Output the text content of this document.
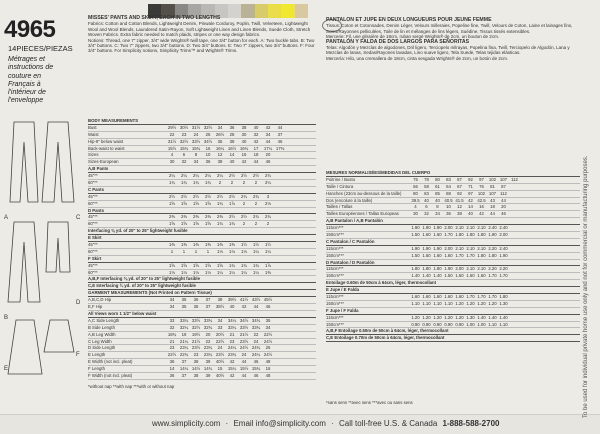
4965
14PIECES/PIEZAS
Métrages et instructions de couture en Français à l'intérieur de l'enveloppe
A
B
C
D
E
F
MISSES' PANTS AND SKIRT, EACH IN TWO LENGTHS
Fabrics: Cotton and Cotton Blends, Lightweight Denim, Pinwale Corduroy, Poplin, Twill, Velveteen, Lightweight Wool and Wool Blends, Laundered Satin-Rayon, Soft Lightweight Linen and Linen Blends, Suede Cloth, Stretch Woven Fabrics. Extra fabric needed to match plaids, stripes or one way design fabrics.
Notions: Thread, one 7" zipper, 3/4" wide Wrights® twill tape, one 3/4" button for each. A: Two buckle tabs. B: Two 3/4" buttons. C: Two 7" zippers, two 3/4" buttons. D: Two 3/4" buttons. E: Two 7" zippers, two 3/4" buttons. F: Four 3/4" buttons. For Simplicity notions, Simplicity Trims™ and Wrights® Trims.
BODY MEASUREMENTS
Bust	29½ 30½ 31½ 32½	34	36	38	40	42	44
Waist	22	23	24	25	26½	28	30	32	34	37
Hip-9" below waist	31½ 32½ 33½ 34½	36	38	40	42	44	46
Back-waist to waist	15½ 15¾ 15¾	16	16¼ 16½ 16¾	17	17¼ 17⅜
Sizes	4	6	8	10	12	14	16	18	20
Sizes-European	30	32	34	36	38	40	42	44	46
A,B Pants
45"**	2¼	2¼	2¼	2¼	2¼	2½	2½	2½	2¾
60"**	1¾	1¾	1¾	1¾	2	2	2	2	2¼
C Pants
45"**	2½	2½	2½	2½	2½	2½	2¾	2¾	3
60"**	1⅝	1⅝	1⅝	1⅝	1¾	1⅞	2	2	2⅛
D Pants
45"**	2⅜	2⅜	2⅜	2⅜	2⅜	2½	2½	2¾	2¾
60"**	1⅝	1⅝	1⅝	1⅝	1¾	1¾	2	2	2
Interfacing ⅜ yd. of 20" to 25" lightweight fusible
E Skirt
45"**	1⅜	1⅜	1⅜	1⅜	1⅜	1⅜	1½	1½	1½
60"**	1	1	1	1	1⅛	1⅛	1⅛	1¼	1¼
F Skirt
45"**	1⅝	1⅝	1⅝	1⅝	1⅝	1¾	1¾	1¾	1⅞
60"**	1⅛	1⅛	1⅛	1⅛	1¼	1¼	1¼	1¼	1⅜
A,B,F Interfacing ⅜ yd. of 20" to 25" lightweight fusible
C,E Interfacing ¾ yd. of 20" to 25" lightweight fusible
GARMENT MEASUREMENTS (Not Printed on Pattern Tissue)
A,B,C,D Hip	34	35	36	37	38	39½ 41½ 43½ 45½
E,F Hip	34	35	36	37	38½	40	42	44	46
All Views worn 1 1/2" below waist
A,C Side Length	33	33¼ 33½ 33¾	34	34¼ 34½ 34¾	35
B Side Length	32	32¼ 32½ 32¾	33	33¼ 33½ 33¾	34
A,B Leg Width	18¾	19	19½	20	20½	21	21½	22	22½
C Leg Width	21	21¼ 21½	22	22½	23	23½	24	24½
D Side Length	23	23¼ 23½ 23¾	24	24¼ 24½ 24¾	25
E Length	22½ 22¾	23	23¼ 23½ 23¾	24	24¼ 24½
E Width (not incl. pleat)	36	37	38	39	40½	42	44	46	48
F Length	14	14¼ 14½ 14¾	15	15¼ 15½ 15¾	16
F Width (not incl. pleat)	36	37	38	39	40½	42	44	46	48
*without nap **with nap ***with or without nap
PANTALON ET JUPE EN DEUX LONGUEURS POUR JEUNE FEMME
Tissus: Coton et Cotonnades, Denim Léger, Velours milleraies, Popeline fine, Twill, Velours de Coton, Laine et lainages fins, Soies/Rayonnes pelliculées, Toile de lin et mélanges de lins légers, Suédine, Tissus tissés extensibles.
Mercerie: Fil, une glissière de 18cm, ruban sergé Wrights® de 2cm, un bouton de 2cm.
PANTALÓN Y FALDA DE DOS LARGOS PARA SEÑORITAS
Telas: Algodón y Mezclas de algodones, Dril ligero, Terciopelo milrayas, Popelina fina, Twill, Terciopelo de Algodón, Lana y Mezclas de lanas, Sedas/Rayones lavadas, Lino suave ligero, Tela Suede, Telas tejidas elásticas.
Mercería: Hilo, una cremallera de 18cm, cinta sesgada Wrights® de 2cm, un botón de 2cm.
MESURES NORMALISÉES/MEDIDAS DEL CUERPO
Poitrine / Busto	75	78	80	83	87	92	97	102 107 112
Taille / Cintura	56	58	61	64	67	71	76	81	87
Hanches (23cm au-dessous de la taille)	80	83	85	88	92	97	102 107 112
Dos (encolure à la taille)	39.5	40	40	40.5 41.5	42	42.5	43	44
Tailles / Tallas	4	6	8	10	12	14	16	18	20
Tailles Européennes / Tallas Europeas	30	32	34	36	38	40	42	44	46
A,B Pantalon / A,B Pantalón
115cm***	1.90 1.90 1.90 2.00 2.10 2.10 2.10 2.40 2.40
150cm***	1.50 1.60 1.60 1.70 1.80 1.80 1.80 1.90 2.00
C Pantalon / C Pantalón
115cm***	1.90 1.90 1.90 2.00 2.10 2.10 2.10 2.20 2.40
150cm***	1.50 1.60 1.60 1.60 1.70 1.70 1.80 1.80 1.90
D Pantalon / D Pantalón
115cm***	1.80 1.80 1.80 1.90 2.00 2.10 2.10 2.20 2.20
150cm***	1.40 1.40 1.40 1.50 1.50 1.60 1.60 1.70 1.70
Entoilage 0.60m de 50cm à 64cm, léger, thermocollant
E Jupe / E Falda
115cm***	1.60 1.60 1.60 1.60 1.60 1.70 1.70 1.70 1.80
150cm***	1.10 1.10 1.10 1.10 1.20 1.20 1.20 1.20 1.30
F Jupe / F Falda
115cm***	1.20 1.20 1.20 1.20 1.20 1.30 1.40 1.40 1.40
150cm***	0.90 0.90 0.90 0.90 0.90 1.00 1.00 1.10 1.10
A,B,F Entoilage 0.50m de 50cm à 64cm, léger, thermocollant
C,E Entoilage 0.70m de 50cm à 64cm, léger, thermocollant
*sans sens **avec sens ***avec ou sans sens
www.simplicity.com · Email info@simplicity.com · Call toll-free U.S. & Canada 1-888-588-2700
To be used for individual private home use only and not for commercial or manufacturing purposes.
